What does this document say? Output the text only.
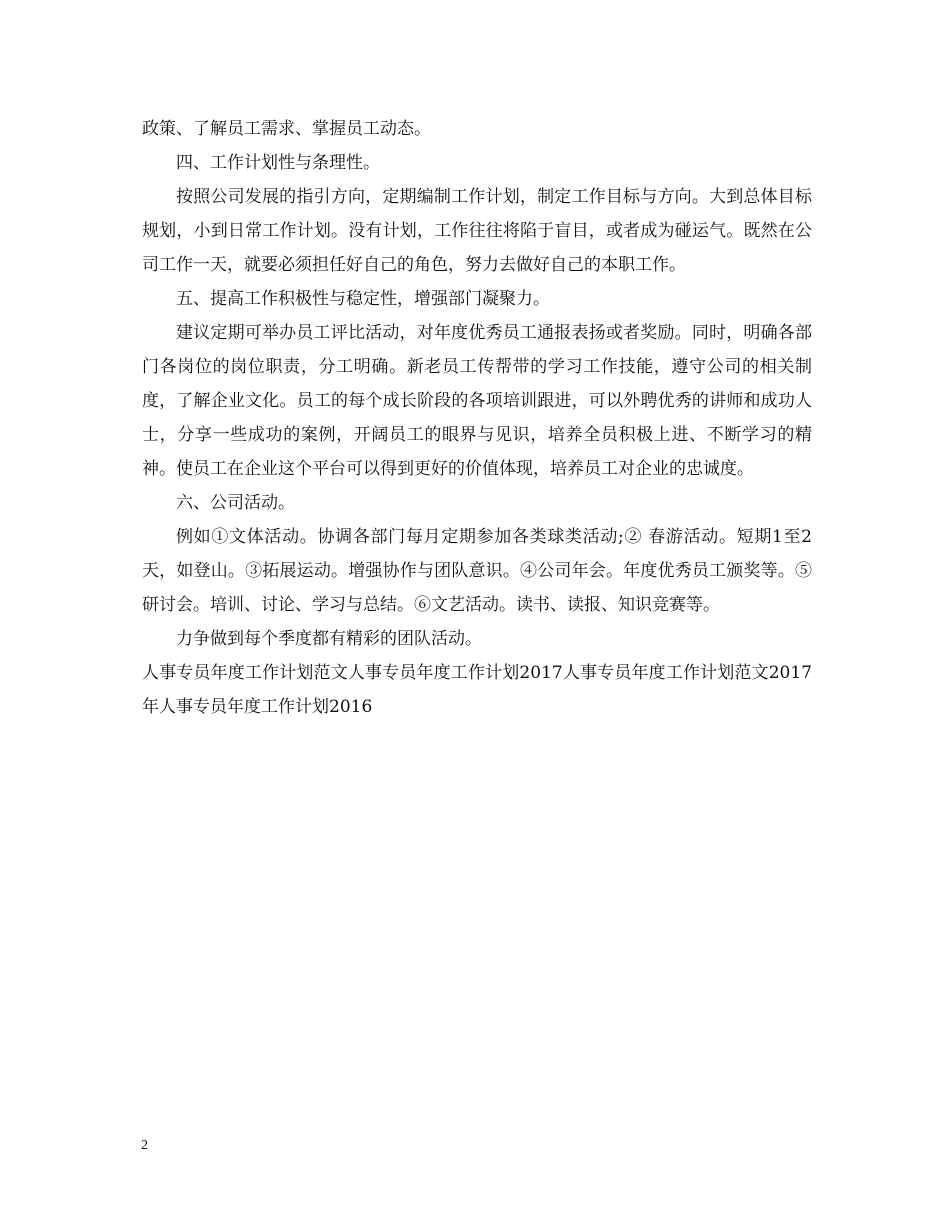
政策、了解员工需求、掌握员工动态。

四、工作计划性与条理性。

按照公司发展的指引方向，定期编制工作计划，制定工作目标与方向。大到总体目标 规划，小到日常工作计划。没有计划，工作往往将陷于盲目，或者成为碰运气。既然在公司工作一天，就要必须担任好自己的角色，努力去做好自己的本职工作。

五、提高工作积极性与稳定性，增强部门凝聚力。

建议定期可举办员工评比活动，对年度优秀员工通报表扬或者奖励。同时，明确各部门各岗位的岗位职责，分工明确。新老员工传帮带的学习工作技能，遵守公司的相关制度，了解企业文化。员工的每个成长阶段的各项培训跟进，可以外聘优秀的讲师和成功人士，分享一些成功的案例，开阔员工的眼界与见识，培养全员积极上进、不断学习的精神。使员工在企业这个平台可以得到更好的价值体现，培养员工对企业的忠诚度。

六、公司活动。

例如①文体活动。协调各部门每月定期参加各类球类活动;② 春游活动。短期1至2天，如登山。③拓展运动。增强协作与团队意识。④公司年会。年度优秀员工颁奖等。⑤研讨会。培训、讨论、学习与总结。⑥文艺活动。读书、读报、知识竞赛等。

力争做到每个季度都有精彩的团队活动。

人事专员年度工作计划范文人事专员年度工作计划2017人事专员年度工作计划范文2017年人事专员年度工作计划2016

2
